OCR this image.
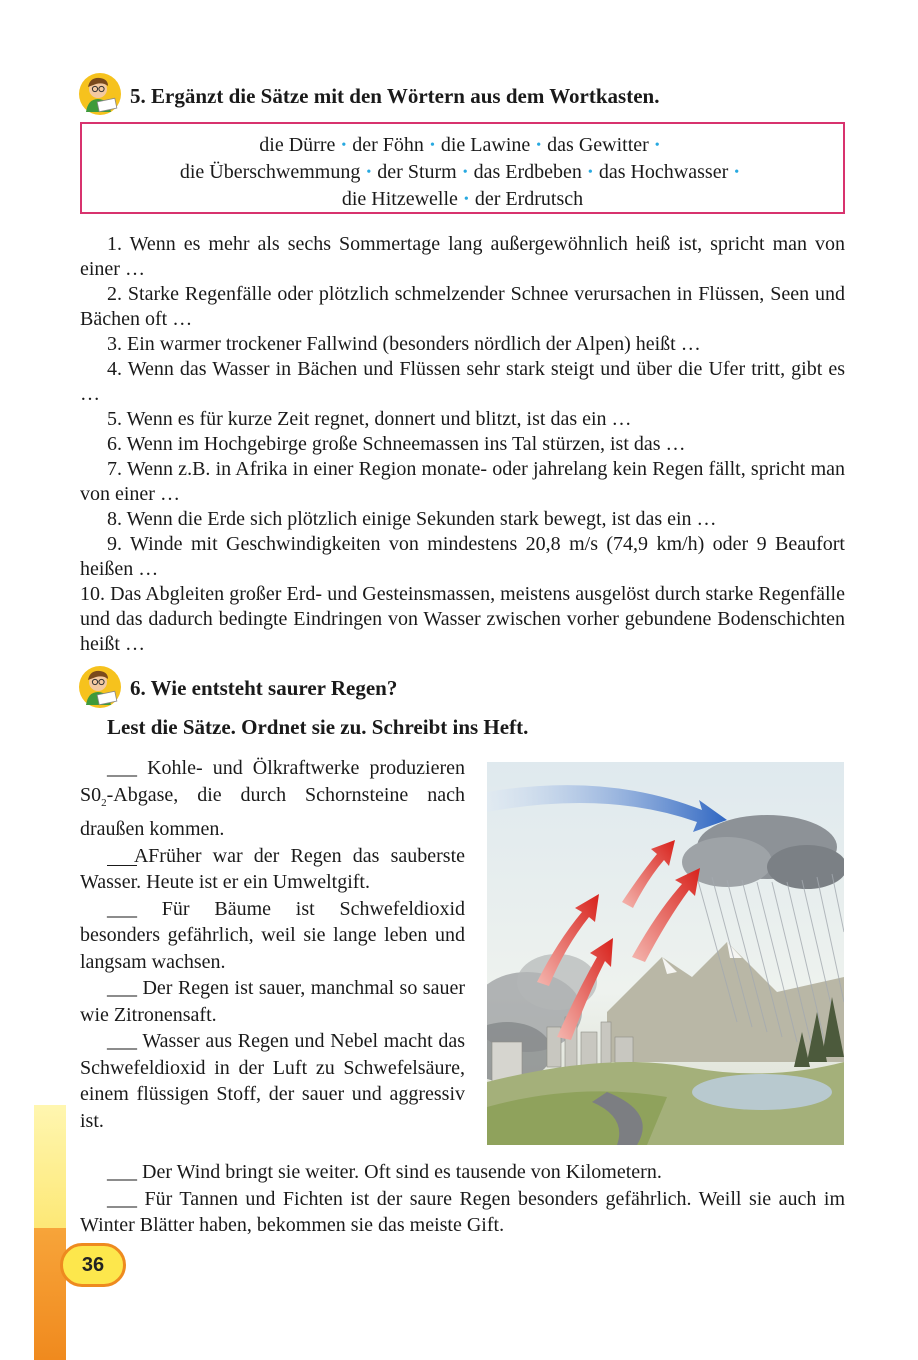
36
5. Ergänzt die Sätze mit den Wörtern aus dem Wortkasten.
die Dürre • der Föhn • die Lawine • das Gewitter •
die Überschwemmung • der Sturm • das Erdbeben • das Hochwasser •
die Hitzewelle • der Erdrutsch

1. Wenn es mehr als sechs Sommertage lang außergewöhnlich heiß ist, spricht man von einer …

2. Starke Regenfälle oder plötzlich schmelzender Schnee verursachen in Flüssen, Seen und Bächen oft …

3. Ein warmer trockener Fallwind (besonders nördlich der Alpen) heißt …

4. Wenn das Wasser in Bächen und Flüssen sehr stark steigt und über die Ufer tritt, gibt es …

5. Wenn es für kurze Zeit regnet, donnert und blitzt, ist das ein …

6. Wenn im Hochgebirge große Schneemassen ins Tal stürzen, ist das …

7. Wenn z.B. in Afrika in einer Region monate- oder jahrelang kein Regen fällt, spricht man von einer …

8. Wenn die Erde sich plötzlich einige Sekunden stark bewegt, ist das ein …

9. Winde mit Geschwindigkeiten von mindestens 20,8 m/s (74,9 km/h) oder 9 Beaufort heißen …

10. Das Abgleiten großer Erd- und Gesteinsmassen, meistens ausgelöst durch starke Regenfälle und das dadurch bedingte Eindringen von Wasser zwischen vorher gebundene Bodenschichten heißt …

6. Wie entsteht saurer Regen?
Lest die Sätze. Ordnet sie zu. Schreibt ins Heft.

___ Kohle- und Ölkraftwerke produzieren $S0_2$-Abgase, die durch Schornsteine nach draußen kommen.

A Früher war der Regen das sauberste Wasser. Heute ist er ein Umweltgift.

___ Für Bäume ist Schwefeldioxid besonders gefährlich, weil sie lange leben und langsam wachsen.

___ Der Regen ist sauer, manchmal so sauer wie Zitronensaft.

___ Wasser aus Regen und Nebel macht das Schwefeldioxid in der Luft zu Schwefelsäure, einem flüssigen Stoff, der sauer und aggressiv ist.

___ Der Wind bringt sie weiter. Oft sind es tausende von Kilometern.

___ Für Tannen und Fichten ist der saure Regen besonders gefährlich. Weill sie auch im Winter Blätter haben, bekommen sie das meiste Gift.
